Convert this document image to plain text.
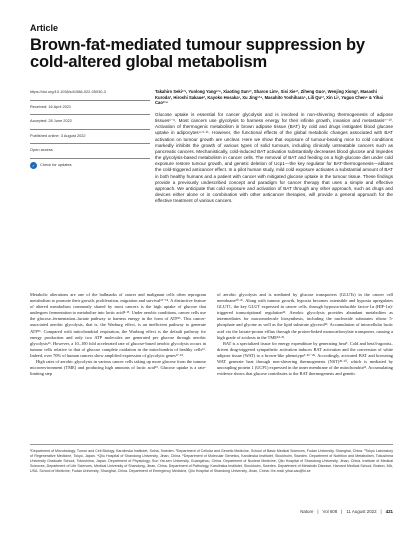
Article
Brown-fat-mediated tumour suppression by cold-altered global metabolism
https://doi.org/10.1038/s41586-022-05030-3
Received: 16 April 2021
Accepted: 28 June 2022
Published online: 3 August 2022
Open access
✓	Check for updates
Takahiro Seki¹²³, Yunlong Yang¹²⁴, Xiaoting Sun¹², Sharon Lim¹, Sisi Xie¹², Ziheng Guo¹, Wenjing Xiong², Masashi Kuroda², Hiroshi Sakaue², Kayoko Hosaka¹, Xu Jing¹²⁴, Masahito Yoshihara⁵, Lili Qu¹², Xin Li¹, Yuguo Chen⁴ & Yihai Cao¹²⁴

Glucose uptake is essential for cancer glycolysis and is involved in non-shivering thermogenesis of adipose tissues¹⁻⁶. Most cancers use glycolysis to harness energy for their infinite growth, invasion and metastasis⁷⁻¹⁰. Activation of thermogenic metabolism in brown adipose tissue (BAT) by cold and drugs instigates blood glucose uptake in adipocytes⁴·⁵·¹¹. However, the functional effects of the global metabolic changes associated with BAT activation on tumour growth are unclear. Here we show that exposure of tumour-bearing mice to cold conditions markedly inhibits the growth of various types of solid tumours, including clinically untreatable cancers such as pancreatic cancers. Mechanistically, cold-induced BAT activation substantially decreases blood glucose and impedes the glycolysis-based metabolism in cancer cells. The removal of BAT and feeding on a high-glucose diet under cold exposure restore tumour growth, and genetic deletion of Ucp1—the key regulator for BAT-thermogenesis—ablates the cold-triggered anticancer effect. In a pilot human study, mild cold exposure activates a substantial amount of BAT in both healthy humans and a patient with cancer with mitigated glucose uptake in the tumour tissue. These findings provide a previously undescribed concept and paradigm for cancer therapy that uses a simple and effective approach. We anticipate that cold exposure and activation of BAT through any other approach, such as drugs and devices either alone or in combination with other anticancer therapies, will provide a general approach for the effective treatment of various cancers.

Metabolic alterations are one of the hallmarks of cancer and malignant cells often reprogram metabolism to promote their growth, proliferation, migration and survival¹²⁻¹⁴. A distinctive feature of altered metabolism commonly shared by most cancers is the high uptake of glucose that undergoes fermentation to metabolize into lactic acid⁸·¹⁵. Under aerobic conditions, cancer cells use the glucose–fermentation–lactate pathway to harness energy in the form of ATP¹⁶. This cancer-associated aerobic glycolysis, that is, the Warburg effect, is an inefficient pathway to generate ATP¹⁶. Compared with mitochondrial respiration, the Warburg effect is the default pathway for energy production and only two ATP molecules are generated per glucose through aerobic glycolysis¹⁶. However, a 10–100 fold accelerated rate of glucose-based aerobic glycolysis occurs in tumour cells relative to that of glucose complete oxidation in the mitochondria of healthy cells¹⁶. Indeed, over 70% of human cancers show amplified expression of glycolytic genes¹⁷·¹⁸.

High rates of aerobic glycolysis in various cancer cells taking up more glucose from the tumour microenvironment (TME) and producing high amounts of lactic acid¹⁹. Glucose uptake is a rate-limiting step

of aerobic glycolysis and is mediated by glucose transporters (GLUTs) in the cancer cell membrane²⁰·²¹. Along with tumour growth, hypoxia becomes ostensible and hypoxia upregulates GLUT1, the key GLUT expressed in cancer cells, through hypoxia-inducible factor-1α (HIF-1α)-triggered transcriptional regulation²². Aerobic glycolysis provides abundant metabolites as intermediates for macromolecule biosynthesis, including the nucleotide substrates ribose 5-phosphate and glycine as well as the lipid substrate glycerol²³. Accumulation of intracellular lactic acid via the lactate-proton efflux through the proton-linked monocarboxylate transporter, causing a high grade of acidosis in the TME²⁴·²⁵.

BAT is a specialized tissue for energy expenditure by generating heat⁵. Cold and beta3-agonist–driven drug-triggered sympathetic activation induces BAT activation and the conversion of white adipose tissue (WAT) to a brown-like phenotype⁵·²⁶⁻²⁸. Accordingly, activated BAT and browning WAT generate heat through non-shivering thermogenesis (NST)²⁹·³⁰, which is mediated by uncoupling protein 1 (UCP1) expressed in the inner membrane of the mitochondria³¹. Accumulating evidence shows that glucose contributes to the BAT thermogenesis and genetic

¹Department of Microbiology, Tumor and Cell Biology, Karolinska Institutet, Solna, Sweden. ²Department of Cellular and Genetic Medicine, School of Basic Medical Sciences, Fudan University, Shanghai, China. ³Tokyo Laboratory of Regenerative Medicine, Tokyo, Japan. ⁴Qilu Hospital of Shandong University, Jinan, China. ⁵Department of Molecular Genetics, Karolinska Institutet, Stockholm, Sweden. Department of Nutrition and Metabolism, Tokushima University Graduate School, Tokushima, Japan. Department of Physiology, Sun Yat-sen University, Guangzhou, China. Department of Nuclear Medicine, Qilu Hospital of Shandong University, Jinan, China. Institute of Medical Sciences, Department of Life Sciences, Medical University of Shandong, Jinan, China. Department of Pathology, Karolinska Institutet, Stockholm, Sweden. Department of Metabolic Disease, Harvard Medical School, Boston, MA, USA. School of Medicine, Fudan University, Shanghai, China. Department of Emergency Medicine, Qilu Hospital of Shandong University, Jinan, China. ✉e-mail: yihai.cao@ki.se
Nature | Vol 608 | 11 August 2022 | 421
